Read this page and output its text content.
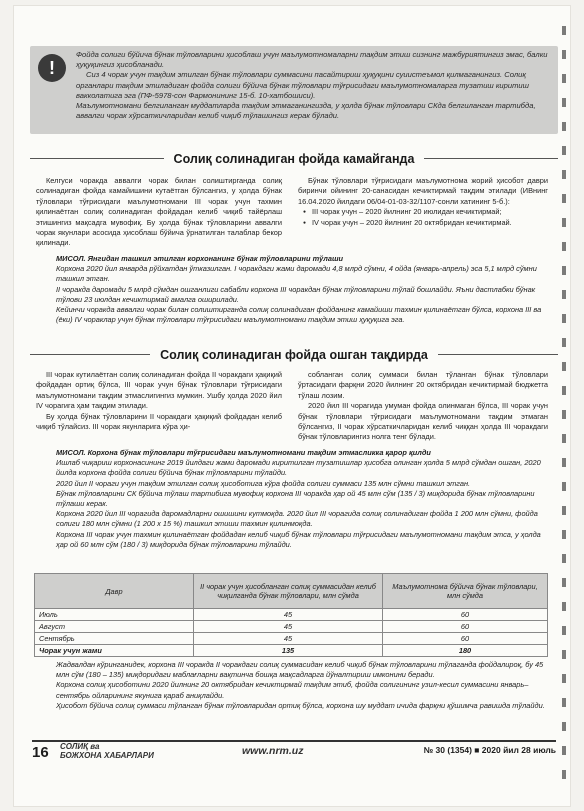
!

Фойда солиги бўйича бўнак тўловларини ҳисоблаш учун маълумотномаларни тақдим этиш сизнинг мажбуриятингиз эмас, балки ҳуқуқингиз ҳисобланади.

Сиз 4 чорак учун тақдим этилган бўнак тўловлари суммасини пасайтириш ҳуқуқини суиистеъмол қилмаганингиз. Солиқ органлари тақдим этиладиган фойда солиги бўйича бўнак тўловлари тўғрисидаги маълумотномаларга тузатиш киритиш вакколатига эга (ПФ-5978-сон Фармонининг 15-б. 10-хатбошиси).

Маълумотномани белгиланган муддатларда тақдим этмаганингизда, у ҳолда бўнак тўловлари СКда белгиланган тартибда, аввалги чорак хўрсаткичларидан келиб чиқиб тўлашингиз керак бўлади.

Солиқ солинадиган фойда камайганда

Келгуси чоракда аввалги чорак билан солиштирганда солиқ солинадиган фойда камайишини кутаётган бўлсангиз, у ҳолда бўнак тўловлари тўғрисидаги маълумотномани III чорак учун тахмин қилинаётган солиқ солинадиган фойдадан келиб чиқиб тайёрлаш этишингиз мақсадга мувофиқ. Бу ҳолда бўнак тўловларини аввалги чорак якунлари асосида ҳисоблаш бўйича ўрнатилган талаблар бекор қилинади.

Бўнак тўловлари тўғрисидаги маълумотнома жорий ҳисобот даври биринчи ойининг 20-санасидан кечиктирмай тақдим этилади (ИВнинг 16.04.2020 йилдаги 06/04-01-03-32/1107-сонли хатининг 5-б.):

● III чорак учун – 2020 йилнинг 20 июлидан кечиктирмай;
● IV чорак учун – 2020 йилнинг 20 октябридан кечиктирмай.

МИСОЛ. Янгидан ташкил этилган корхонанинг бўнак тўловларини тўлаши

Корхона 2020 йил январда рўйхатдан ўтказилган. I чоракдаги жами даромади 4,8 млрд сўмни, 4 ойда (январь-апрель) эса 5,1 млрд сўмни ташкил этган.

II чоракда даромади 5 млрд сўмдан ошганлиги сабабли корхона III чоракдан бўнак тўловларини тўлай бошлайди. Яъни дастлабки бўнак тўлови 23 июлдан кечиктирмай амалга оширилади.

Кейинчи чоракда аввалги чорак билан солиштирганда солиқ солинадиган фойданинг камайиши тахмин қилинаётган бўлса, корхона III ва (ёки) IV чораклар учун бўнак тўловлари тўғрисидаги маълумотномани тақдим этиш ҳуқуқига эга.

Солиқ солинадиган фойда ошган тақдирда

III чорак кутилаётган солиқ солинадиган фойда II чоракдаги ҳақиқий фойдадан ортиқ бўлса, III чорак учун бўнак тўловлари тўғрисидаги маълумотномани тақдим этмаслигингиз мумкин. Ушбу ҳолда 2020 йил IV чорагига ҳам тақдим этилади.

Бу ҳолда бўнак тўловларини II чоракдаги ҳақиқий фойдадан келиб чиқиб тўлайсиз. III чорак якунларига кўра ҳи-

собланган солиқ суммаси билан тўланган бўнак тўловлари ўртасидаги фарқни 2020 йилнинг 20 октябридан кечиктирмай бюджетга тўлаш лозим.

2020 йил III чорагида умуман фойда олинмаган бўлса, III чорак учун бўнак тўловлари тўғрисидаги маълумотномани тақдим этмаган бўлсангиз, II чорак хўрсаткичларидан келиб чиққан ҳолда III чоракдаги бўнак тўловларингиз нолга тенг бўлади.

МИСОЛ. Корхона бўнак тўловлари тўғрисидаги маълумотномани тақдим этмасликка қарор қилди

Ишлаб чиқариш корхонасининг 2019 йилдаги жами даромади киритилган тузатишлар ҳисобга олинган ҳолда 5 млрд сўмдан ошган, 2020 йилда корхона фойда солиги бўйича бўнак тўловларини тўлайди.

2020 йил II чораги учун тақдим этилган солиқ ҳисоботига кўра фойда солиги суммаси 135 млн сўмни ташкил этган.

Бўнак тўловларини СК бўйича тўлаш тартибига мувофиқ корхона III чоракда ҳар ой 45 млн сўм (135 / 3) миқдорида бўнак тўловларини тўлаши керак.

Корхона 2020 йил III чорагида даромадларни ошишини кутмоқда. 2020 йил III чорагида солиқ солинадиган фойда 1 200 млн сўмни, фойда солиги 180 млн сўмни (1 200 х 15 %) ташкил этиши тахмин қилинмоқда.

Корхона III чорак учун тахмин қилинаётган фойдадан келиб чиқиб бўнак тўловлари тўғрисидаги маълумотномани тақдим этса, у ҳолда ҳар ой 60 млн сўм (180 / 3) миқдорида бўнак тўловларини тўлайди.

Давр	II чорак учун ҳисобланган солиқ суммасидан келиб чиқилганда бўнак тўловлари, млн сўмда	Маълумотнома бўйича бўнак тўловлари, млн сўмда
Июль	45	60
Август	45	60
Сентябрь	45	60
Чорак учун жами	135	180

Жадвалдан кўринганидек, корхона III чоракда II чоракдаги солиқ суммасидан келиб чиқиб бўнак тўловларини тўлаганда фойдалироқ, бу 45 млн сўм (180 – 135) миқдоридаги маблағларни вақтинча бошқа мақсадларга йўналтириш имконини беради.

Корхона солиқ ҳисоботини 2020 йилнинг 20 октябридан кечиктирмай тақдим этиб, фойда солигининг узил-кесил суммасини январь–сентябрь ойларининг якунига қараб аниқлайди.

Ҳисобот бўйича солиқ суммаси тўланган бўнак тўловларидан ортиқ бўлса, корхона шу муддат ичида фарқни қўшимча равишда тўлайди.

16 СОЛИҚ ва
БОЖХОНА ХАБАРЛАРИ	www.nrm.uz	№ 30 (1354) ■ 2020 йил 28 июль
